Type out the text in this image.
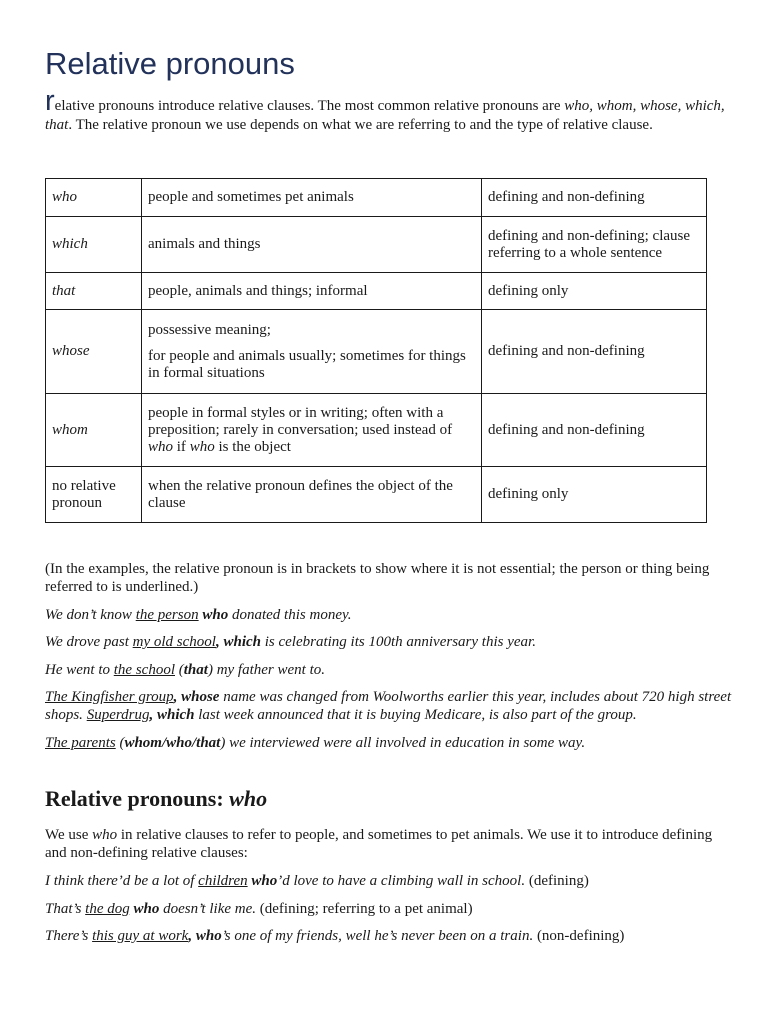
Relative pronouns

relative pronouns introduce relative clauses. The most common relative pronouns are who, whom, whose, which, that. The relative pronoun we use depends on what we are referring to and the type of relative clause.

who	people and sometimes pet animals	defining and non-defining
which	animals and things	defining and non-defining; clause referring to a whole sentence
that	people, animals and things; informal	defining only
whose	possessive meaning;

for people and animals usually; sometimes for things in formal situations	defining and non-defining
whom	people in formal styles or in writing; often with a preposition; rarely in conversation; used instead of who if who is the object	defining and non-defining
no relative pronoun	when the relative pronoun defines the object of the clause	defining only

(In the examples, the relative pronoun is in brackets to show where it is not essential; the person or thing being referred to is underlined.)

We don’t know the person who donated this money.

We drove past my old school, which is celebrating its 100th anniversary this year.

He went to the school (that) my father went to.

The Kingfisher group, whose name was changed from Woolworths earlier this year, includes about 720 high street shops. Superdrug, which last week announced that it is buying Medicare, is also part of the group.

The parents (whom/who/that) we interviewed were all involved in education in some way.

Relative pronouns: who

We use who in relative clauses to refer to people, and sometimes to pet animals. We use it to introduce defining and non-defining relative clauses:

I think there’d be a lot of children who’d love to have a climbing wall in school. (defining)

That’s the dog who doesn’t like me. (defining; referring to a pet animal)

There’s this guy at work, who’s one of my friends, well he’s never been on a train. (non-defining)
